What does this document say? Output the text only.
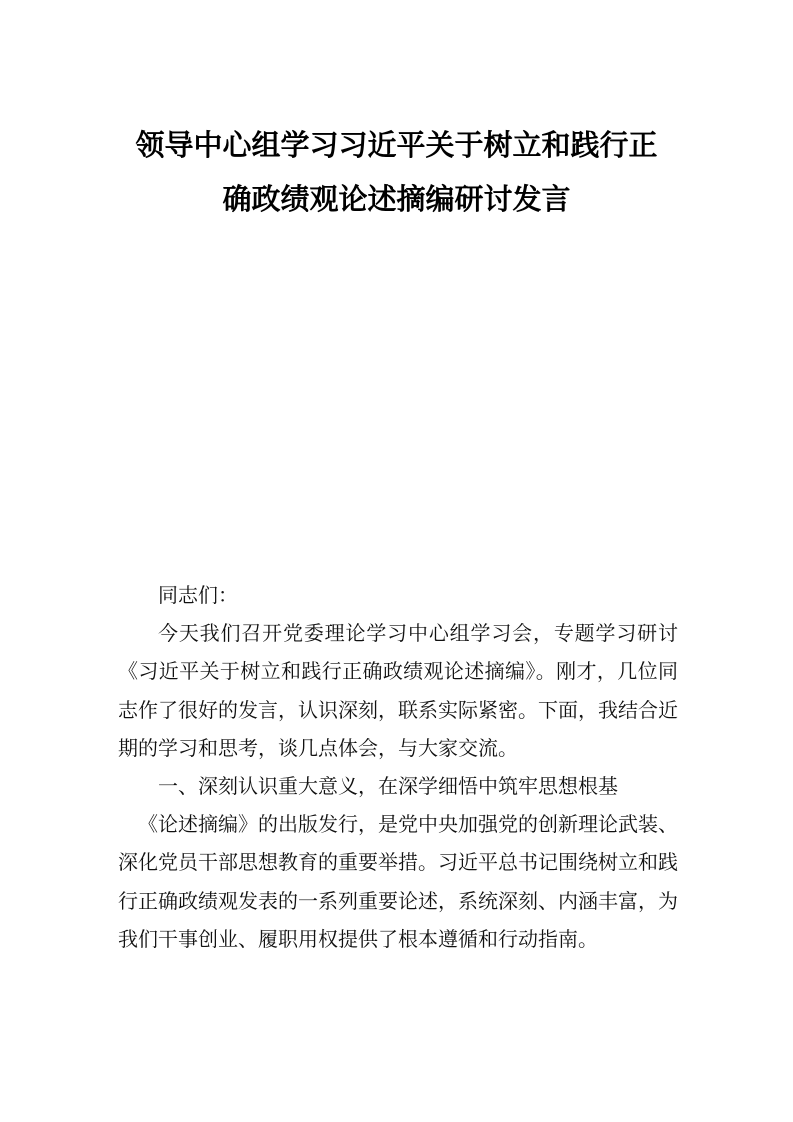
领导中心组学习习近平关于树立和践行正
确政绩观论述摘编研讨发言

同志们：

今天我们召开党委理论学习中心组学习会，专题学习研讨《习近平关于树立和践行正确政绩观论述摘编》。刚才，几位同志作了很好的发言，认识深刻，联系实际紧密。下面，我结合近期的学习和思考，谈几点体会，与大家交流。

一、深刻认识重大意义，在深学细悟中筑牢思想根基

《论述摘编》的出版发行，是党中央加强党的创新理论武装、深化党员干部思想教育的重要举措。习近平总书记围绕树立和践行正确政绩观发表的一系列重要论述，系统深刻、内涵丰富，为我们干事创业、履职用权提供了根本遵循和行动指南。
